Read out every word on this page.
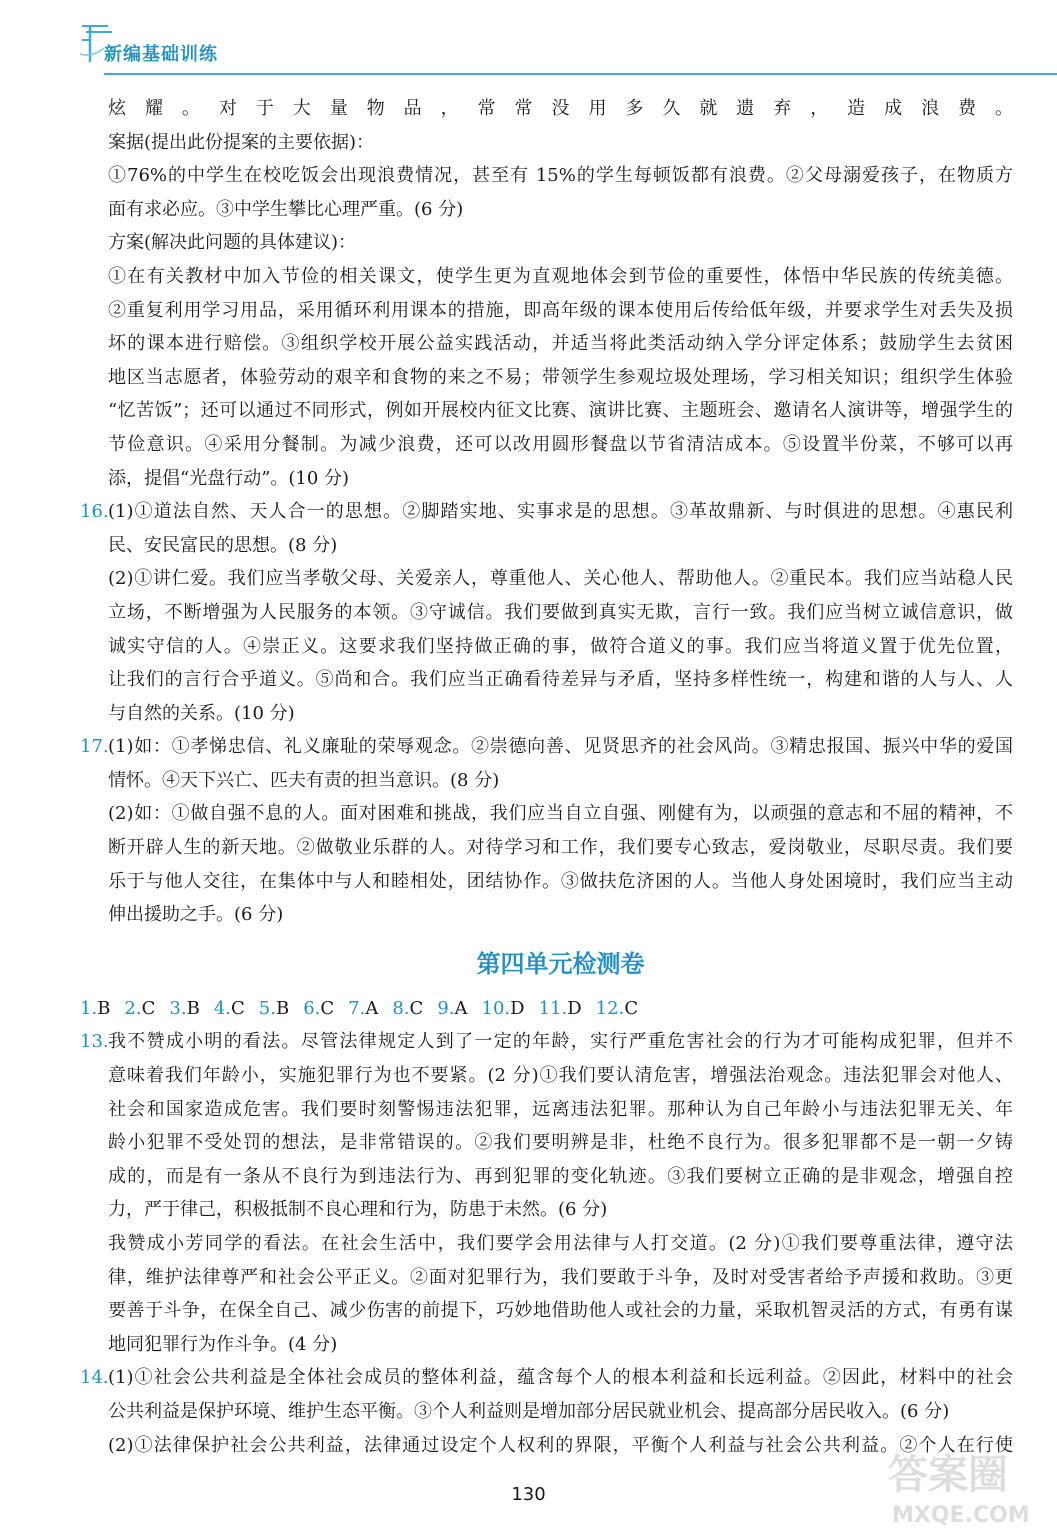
新编基础训练
炫耀。对于大量物品，常常没用多久就遗弃，造成浪费。
案据(提出此份提案的主要依据)：
①76%的中学生在校吃饭会出现浪费情况，甚至有 15%的学生每顿饭都有浪费。②父母溺爱孩子，在物质方
面有求必应。③中学生攀比心理严重。(6 分)
方案(解决此问题的具体建议)：
①在有关教材中加入节俭的相关课文，使学生更为直观地体会到节俭的重要性，体悟中华民族的传统美德。
②重复利用学习用品，采用循环利用课本的措施，即高年级的课本使用后传给低年级，并要求学生对丢失及损
坏的课本进行赔偿。③组织学校开展公益实践活动，并适当将此类活动纳入学分评定体系；鼓励学生去贫困
地区当志愿者，体验劳动的艰辛和食物的来之不易；带领学生参观垃圾处理场，学习相关知识；组织学生体验
“忆苦饭”；还可以通过不同形式，例如开展校内征文比赛、演讲比赛、主题班会、邀请名人演讲等，增强学生的
节俭意识。④采用分餐制。为减少浪费，还可以改用圆形餐盘以节省清洁成本。⑤设置半份菜，不够可以再
添，提倡“光盘行动”。(10 分)
16. (1)①道法自然、天人合一的思想。②脚踏实地、实事求是的思想。③革故鼎新、与时俱进的思想。④惠民利
民、安民富民的思想。(8 分)
(2)①讲仁爱。我们应当孝敬父母、关爱亲人，尊重他人、关心他人、帮助他人。②重民本。我们应当站稳人民
立场，不断增强为人民服务的本领。③守诚信。我们要做到真实无欺，言行一致。我们应当树立诚信意识，做
诚实守信的人。④崇正义。这要求我们坚持做正确的事，做符合道义的事。我们应当将道义置于优先位置，
让我们的言行合乎道义。⑤尚和合。我们应当正确看待差异与矛盾，坚持多样性统一，构建和谐的人与人、人
与自然的关系。(10 分)
17. (1)如：①孝悌忠信、礼义廉耻的荣辱观念。②崇德向善、见贤思齐的社会风尚。③精忠报国、振兴中华的爱国
情怀。④天下兴亡、匹夫有责的担当意识。(8 分)
(2)如：①做自强不息的人。面对困难和挑战，我们应当自立自强、刚健有为，以顽强的意志和不屈的精神，不
断开辟人生的新天地。②做敬业乐群的人。对待学习和工作，我们要专心致志，爱岗敬业，尽职尽责。我们要
乐于与他人交往，在集体中与人和睦相处，团结协作。③做扶危济困的人。当他人身处困境时，我们应当主动
伸出援助之手。(6 分)
第四单元检测卷
1.B 2.C 3.B 4.C 5.B 6.C 7.A 8.C 9.A 10.D 11.D 12.C
13. 我不赞成小明的看法。尽管法律规定人到了一定的年龄，实行严重危害社会的行为才可能构成犯罪，但并不
意味着我们年龄小，实施犯罪行为也不要紧。(2 分)①我们要认清危害，增强法治观念。违法犯罪会对他人、
社会和国家造成危害。我们要时刻警惕违法犯罪，远离违法犯罪。那种认为自己年龄小与违法犯罪无关、年
龄小犯罪不受处罚的想法，是非常错误的。②我们要明辨是非，杜绝不良行为。很多犯罪都不是一朝一夕铸
成的，而是有一条从不良行为到违法行为、再到犯罪的变化轨迹。③我们要树立正确的是非观念，增强自控
力，严于律己，积极抵制不良心理和行为，防患于未然。(6 分)
我赞成小芳同学的看法。在社会生活中，我们要学会用法律与人打交道。(2 分)①我们要尊重法律，遵守法
律，维护法律尊严和社会公平正义。②面对犯罪行为，我们要敢于斗争，及时对受害者给予声援和救助。③更
要善于斗争，在保全自己、减少伤害的前提下，巧妙地借助他人或社会的力量，采取机智灵活的方式，有勇有谋
地同犯罪行为作斗争。(4 分)
14. (1)①社会公共利益是全体社会成员的整体利益，蕴含每个人的根本利益和长远利益。②因此，材料中的社会
公共利益是保护环境、维护生态平衡。③个人利益则是增加部分居民就业机会、提高部分居民收入。(6 分)
(2)①法律保护社会公共利益，法律通过设定个人权利的界限，平衡个人利益与社会公共利益。②个人在行使
130	答案圈
MXQE.COM
